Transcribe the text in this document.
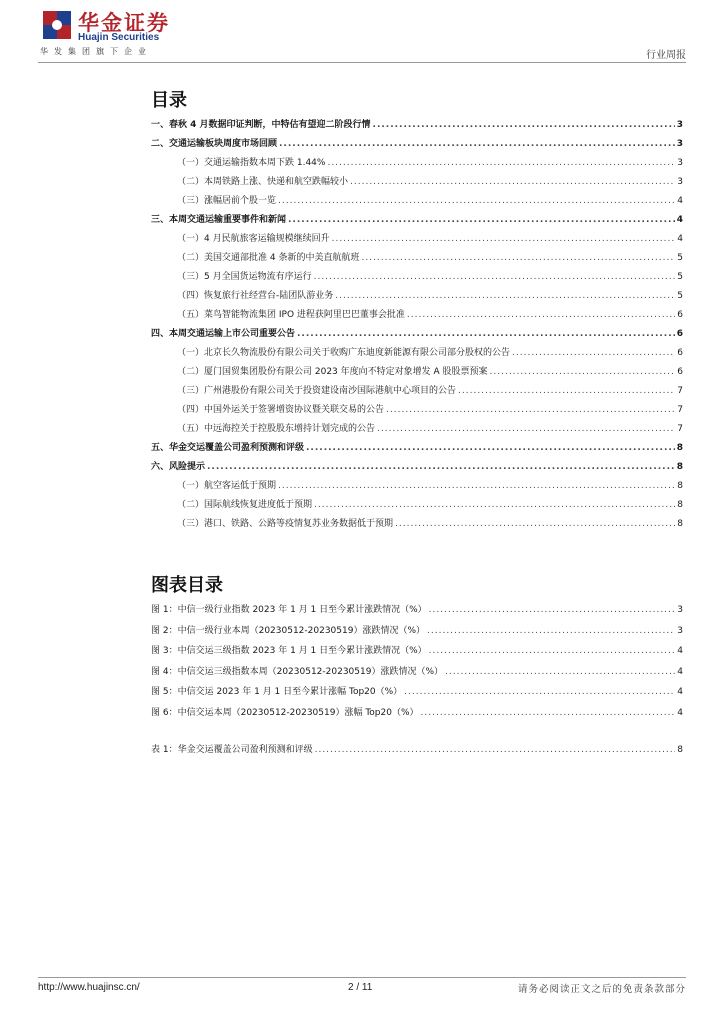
华金证券
Huajin Securities
华发集团旗下企业	行业周报
目录
一、春秋 4 月数据印证判断，中特估有望迎二阶段行情 .....	3
二、交通运输板块周度市场回顾 .....	3
（一）交通运输指数本周下跌 1.44% .....	3
（二）本周铁路上涨、快递和航空跌幅较小 .....	3
（三）涨幅居前个股一览 .....	4
三、本周交通运输重要事件和新闻 .....	4
（一）4 月民航旅客运输规模继续回升 .....	4
（二）美国交通部批准 4 条新的中美直航航班 .....	5
（三）5 月全国货运物流有序运行 .....	5
（四）恢复旅行社经营台-陆团队游业务 .....	5
（五）菜鸟智能物流集团 IPO 进程获阿里巴巴董事会批准 .....	6
四、本周交通运输上市公司重要公告 .....	6
（一）北京长久物流股份有限公司关于收购广东迪度新能源有限公司部分股权的公告 .....	6
（二）厦门国贸集团股份有限公司 2023 年度向不特定对象增发 A 股股票预案 .....	6
（三）广州港股份有限公司关于投资建设南沙国际港航中心项目的公告 .....	7
（四）中国外运关于签署增资协议暨关联交易的公告 .....	7
（五）中远海控关于控股股东增持计划完成的公告 .....	7
五、华金交运覆盖公司盈利预测和评级 .....	8
六、风险提示 .....	8
（一）航空客运低于预期 .....	8
（二）国际航线恢复进度低于预期 .....	8
（三）港口、铁路、公路等疫情复苏业务数据低于预期 .....	8
图表目录
图 1：中信一级行业指数 2023 年 1 月 1 日至今累计涨跌情况（%） .....	3
图 2：中信一级行业本周（20230512-20230519）涨跌情况（%） .....	3
图 3：中信交运三级指数 2023 年 1 月 1 日至今累计涨跌情况（%） .....	4
图 4：中信交运三级指数本周（20230512-20230519）涨跌情况（%） .....	4
图 5：中信交运 2023 年 1 月 1 日至今累计涨幅 Top20（%） .....	4
图 6：中信交运本周（20230512-20230519）涨幅 Top20（%） .....	4
表 1：华金交运覆盖公司盈利预测和评级 .....	8
http://www.huajinsc.cn/	2 / 11	请务必阅读正文之后的免责条款部分
